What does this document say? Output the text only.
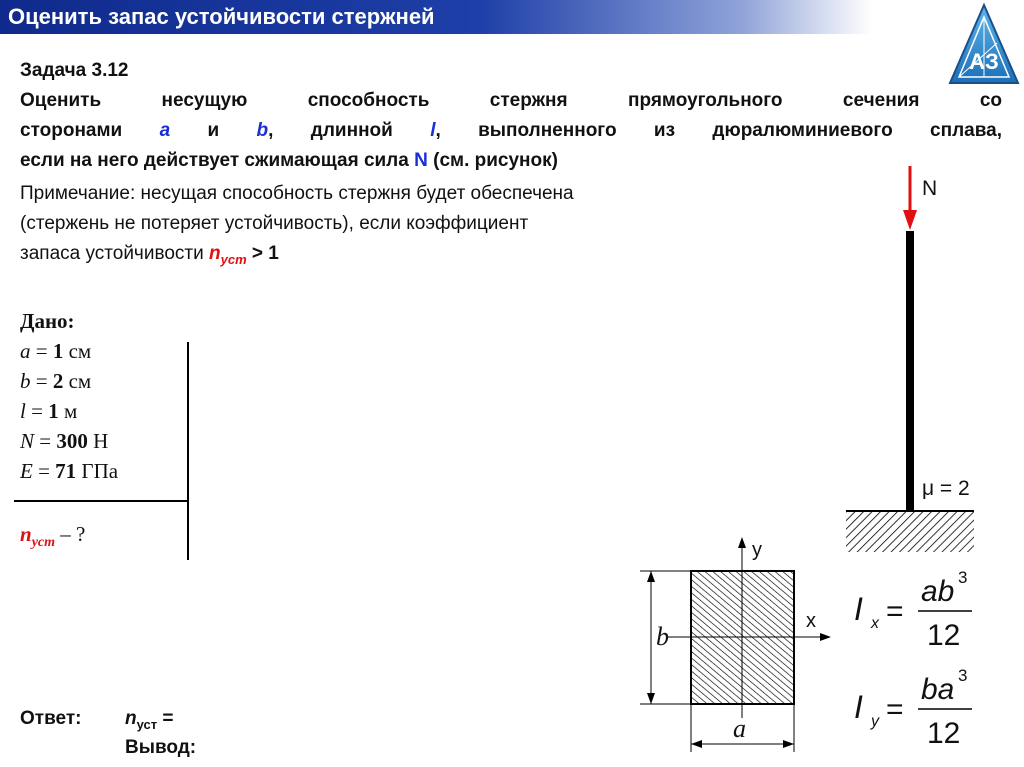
Оценить запас устойчивости стержней
АЗ
Задача 3.12
Оценить несущую способность стержня прямоугольного сечения со
сторонами a и b, длинной l, выполненного из дюралюминиевого сплава,
если на него действует сжимающая сила N (см. рисунок)
Примечание: несущая способность стержня будет обеспечена
(стержень не потеряет устойчивость), если коэффициент
запаса устойчивости $n_{уст} > 1$
Дано:
a = 1 см
b = 2 см
l = 1 м
N = 300 Н
E = 71 ГПа
$n_{уст}$ – ?
Ответ: $n_{уст}$ =
Вывод:
N
μ = 2
y
x
b
a
I x =
ab 3
12
I y =
ba 3
12
